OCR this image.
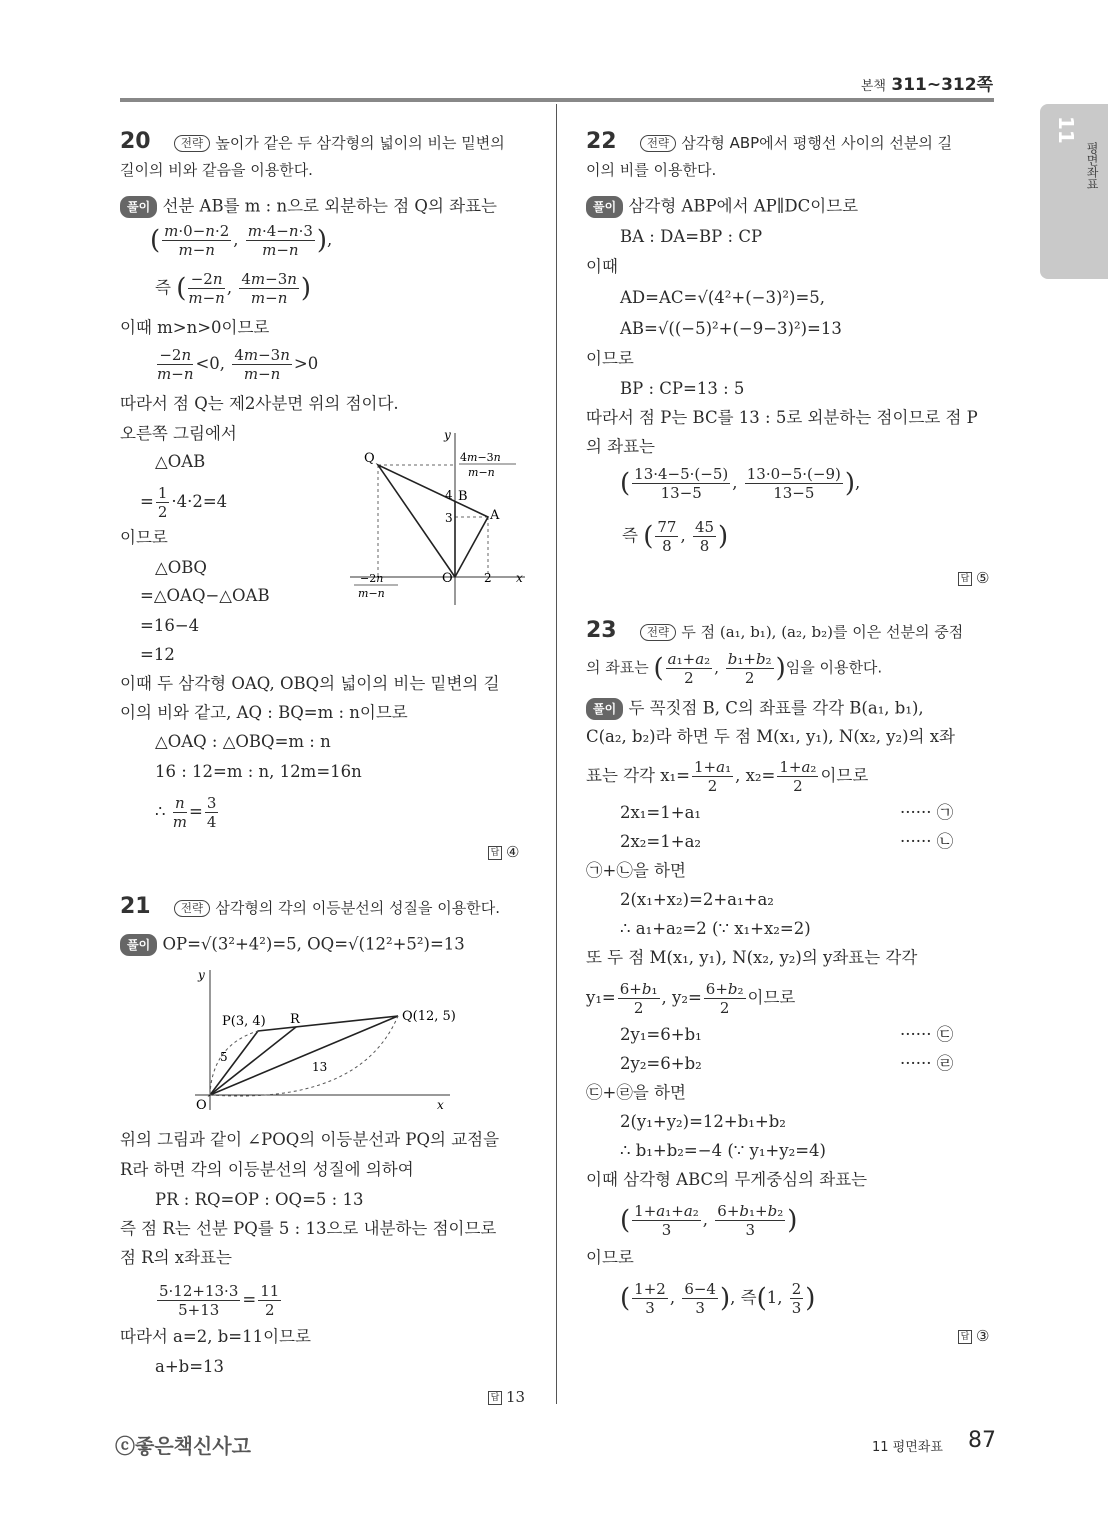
본책 311~312쪽
11
평면좌표
20	전략 높이가 같은 두 삼각형의 넓이의 비는 밑변의
길이의 비와 같음을 이용한다.
풀이 선분 AB를 m : n으로 외분하는 점 Q의 좌표는
( $\frac{m\cdot 0-n\cdot 2}{m-n}$ , $\frac{m\cdot 4-n\cdot 3}{m-n}$ ),
즉 ( $\frac{-2n}{m-n}$ , $\frac{4m-3n}{m-n}$ )
이때 m>n>0이므로
$\frac{-2n}{m-n} <0$, $\frac{4m-3n}{m-n} >0$
따라서 점 Q는 제2사분면 위의 점이다.
오른쪽 그림에서
△OAB
= $\frac{1}{2} \cdot 4\cdot 2=4$
이므로
△OBQ
=△OAQ−△OAB
=16−4
=12
이때 두 삼각형 OAQ, OBQ의 넓이의 비는 밑변의 길
이의 비와 같고, AQ : BQ=m : n이므로
△OAQ : △OBQ=m : n
16 : 12=m : n, 12m=16n
∴ $\frac{n}{m} = \frac{3}{4}$
답 ④
x
y
Q
A
B
O
4
3
2
4m−3n
m−n
−2n
m−n
21	전략 삼각형의 각의 이등분선의 성질을 이용한다.
풀이 OP=√(3²+4²)=5, OQ=√(12²+5²)=13
x
y
P(3, 4) R	Q(12, 5)
5
13
O
위의 그림과 같이 ∠POQ의 이등분선과 PQ의 교점을
R라 하면 각의 이등분선의 성질에 의하여
PR : RQ=OP : OQ=5 : 13
즉 점 R는 선분 PQ를 5 : 13으로 내분하는 점이므로
점 R의 x좌표는
$\frac{5\cdot 12+13\cdot 3}{5+13} = \frac{11}{2}$
따라서 a=2, b=11이므로
a+b=13
답 13
22	전략 삼각형 ABP에서 평행선 사이의 선분의 길
이의 비를 이용한다.
풀이 삼각형 ABP에서 AP∥DC이므로
BA : DA=BP : CP
이때
AD=AC=√(4²+(−3)²)=5,
AB=√((−5)²+(−9−3)²)=13
이므로
BP : CP=13 : 5
따라서 점 P는 BC를 13 : 5로 외분하는 점이므로 점 P
의 좌표는
( $\frac{13\cdot 4-5\cdot(-5)}{13-5}$ , $\frac{13\cdot 0-5\cdot(-9)}{13-5}$ ),
즉 ( $\frac{77}{8}$ , $\frac{45}{8}$ )
답 ⑤
23	전략 두 점 (a₁, b₁), (a₂, b₂)를 이은 선분의 중점
의 좌표는 ( $\frac{\text{a₁+a₂}}{2}$ , $\frac{\text{b₁+b₂}}{2}$ )임을 이용한다.
풀이 두 꼭짓점 B, C의 좌표를 각각 B(a₁, b₁),
C(a₂, b₂)라 하면 두 점 M(x₁, y₁), N(x₂, y₂)의 x좌
표는 각각 $x_1= \frac{\text{1+a₁}}{2}$ , $x_2= \frac{\text{1+a₂}}{2}$ 이므로
2x₁=1+a₁	······ ㉠
2x₂=1+a₂	······ ㉡
㉠+㉡을 하면
2(x₁+x₂)=2+a₁+a₂
∴ a₁+a₂=2 (∵ x₁+x₂=2)
또 두 점 M(x₁, y₁), N(x₂, y₂)의 y좌표는 각각
$y_1= \frac{\text{6+b₁}}{2}$ , $y_2= \frac{\text{6+b₂}}{2}$ 이므로
2y₁=6+b₁	······ ㉢
2y₂=6+b₂	······ ㉣
㉢+㉣을 하면
2(y₁+y₂)=12+b₁+b₂
∴ b₁+b₂=−4 (∵ y₁+y₂=4)
이때 삼각형 ABC의 무게중심의 좌표는
( $\frac{\text{1+a₁+a₂}}{3}$ , $\frac{\text{6+b₁+b₂}}{3}$ )
이므로
( $\frac{1+2}{3}$ , $\frac{6-4}{3}$ ), 즉(1, $\frac{2}{3}$ )
답 ③
ⓒ좋은책신사고	11 평면좌표 87
